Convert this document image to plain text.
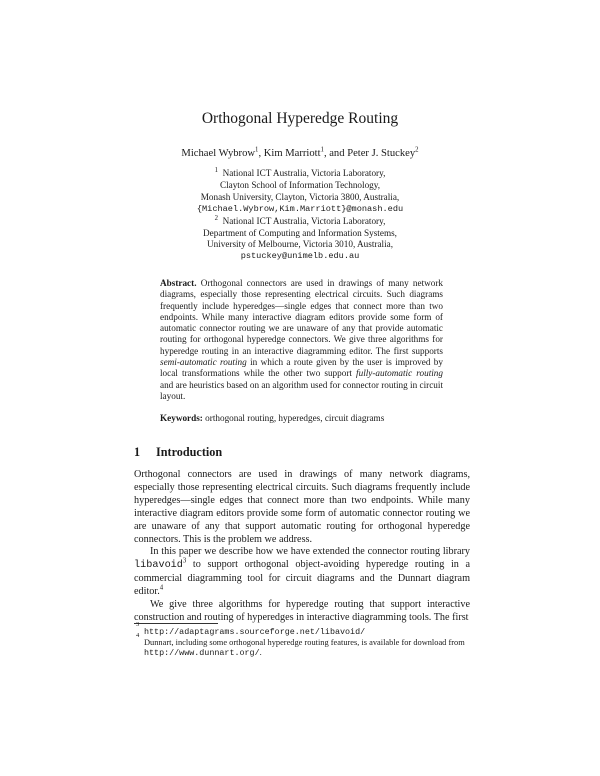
Orthogonal Hyperedge Routing
Michael Wybrow$^1$, Kim Marriott$^1$, and Peter J. Stuckey$^2$
$^1$ National ICT Australia, Victoria Laboratory,
Clayton School of Information Technology,
Monash University, Clayton, Victoria 3800, Australia,
{Michael.Wybrow,Kim.Marriott}@monash.edu
$^2$ National ICT Australia, Victoria Laboratory,
Department of Computing and Information Systems,
University of Melbourne, Victoria 3010, Australia,
pstuckey@unimelb.edu.au
Abstract. Orthogonal connectors are used in drawings of many network diagrams, especially those representing electrical circuits. Such diagrams frequently include hyperedges—single edges that connect more than two endpoints. While many interactive diagram editors provide some form of automatic connector routing we are unaware of any that provide automatic routing for orthogonal hyperedge connectors. We give three algorithms for hyperedge routing in an interactive diagramming editor. The first supports semi-automatic routing in which a route given by the user is improved by local transformations while the other two support fully-automatic routing and are heuristics based on an algorithm used for connector routing in circuit layout.
Keywords: orthogonal routing, hyperedges, circuit diagrams
1 Introduction

Orthogonal connectors are used in drawings of many network diagrams, especially those representing electrical circuits. Such diagrams frequently include hyperedges—single edges that connect more than two endpoints. While many interactive diagram editors provide some form of automatic connector routing we are unaware of any that support automatic routing for orthogonal hyperedge connectors. This is the problem we address.

In this paper we describe how we have extended the connector routing library libavoid$^3$ to support orthogonal object-avoiding hyperedge routing in a commercial diagramming tool for circuit diagrams and the Dunnart diagram editor.$^4$

We give three algorithms for hyperedge routing that support interactive construction and routing of hyperedges in interactive diagramming tools. The first

3
http://adaptagrams.sourceforge.net/libavoid/
4
Dunnart, including some orthogonal hyperedge routing features, is available for download from http://www.dunnart.org/.
